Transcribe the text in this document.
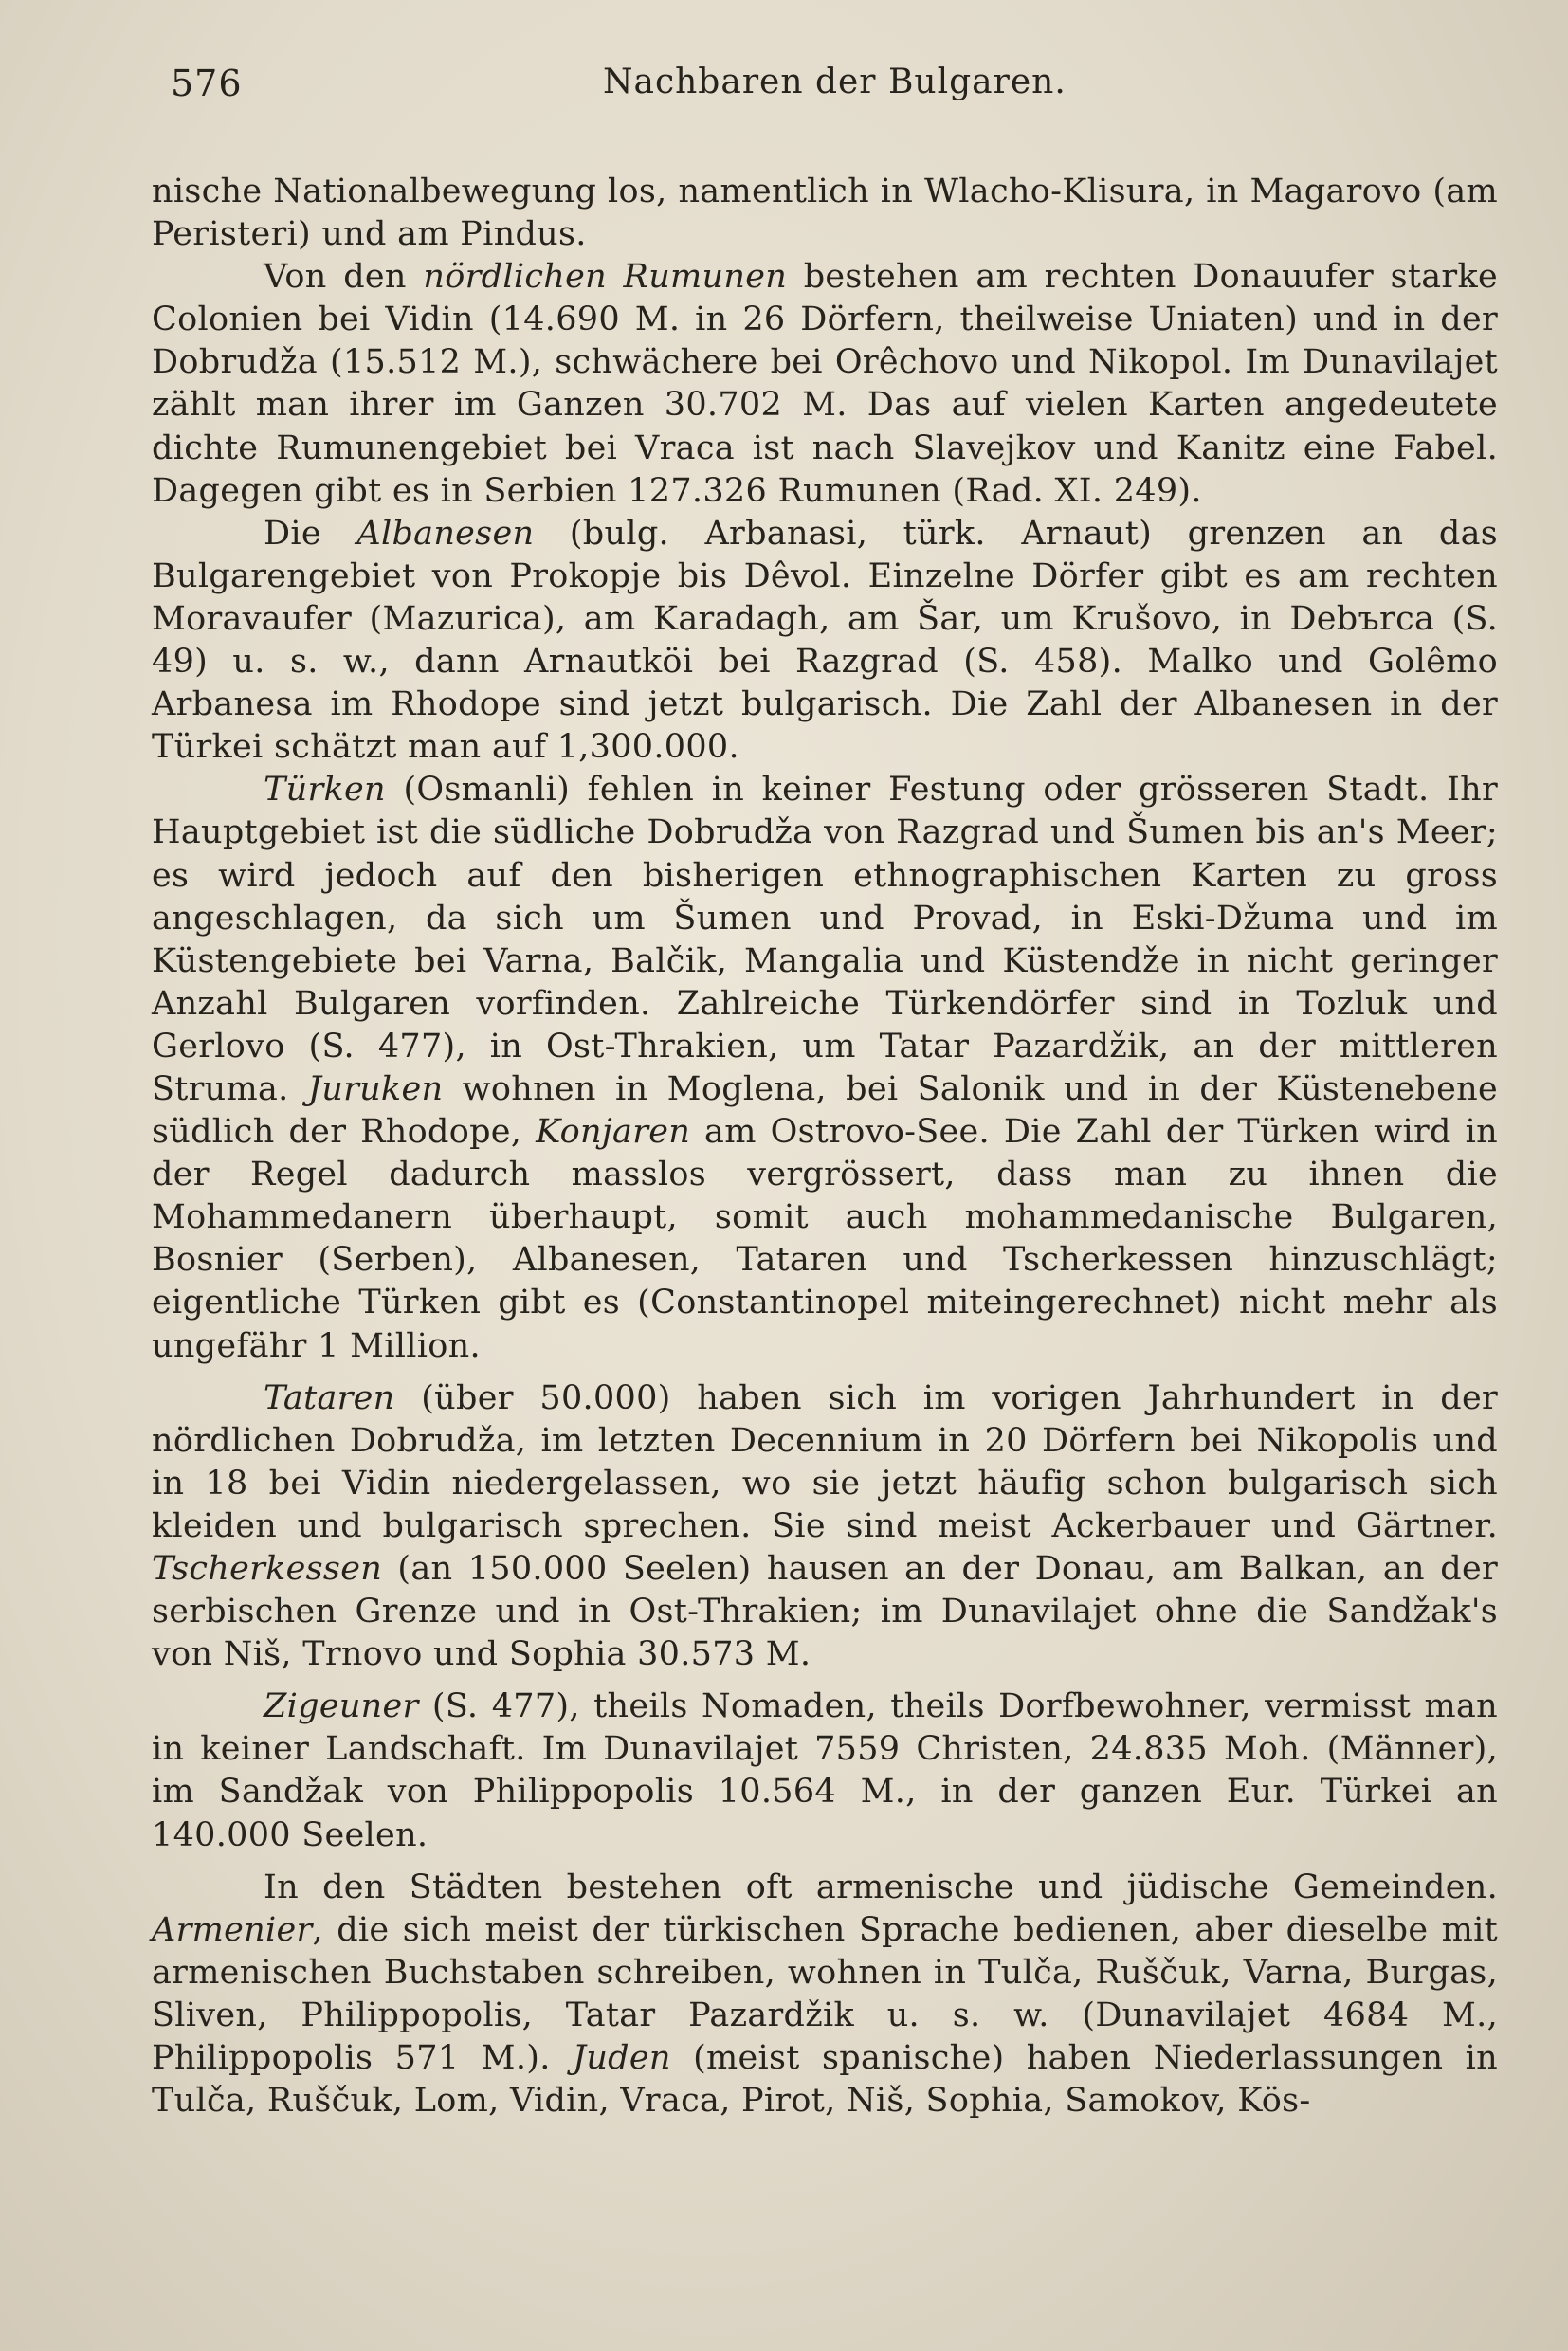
576	Nachbaren der Bulgaren.

nische Nationalbewegung los, namentlich in Wlacho-Klisura, in Magarovo (am Peristeri) und am Pindus.

Von den nördlichen Rumunen bestehen am rechten Donauufer starke Colonien bei Vidin (14.690 M. in 26 Dörfern, theilweise Uniaten) und in der Dobrudža (15.512 M.), schwächere bei Orêchovo und Nikopol. Im Dunavilajet zählt man ihrer im Ganzen 30.702 M. Das auf vielen Karten angedeutete dichte Rumunengebiet bei Vraca ist nach Slavejkov und Kanitz eine Fabel. Dagegen gibt es in Serbien 127.326 Rumunen (Rad. XI. 249).

Die Albanesen (bulg. Arbanasi, türk. Arnaut) grenzen an das Bulgarengebiet von Prokopje bis Dêvol. Einzelne Dörfer gibt es am rechten Moravaufer (Mazurica), am Karadagh, am Šar, um Krušovo, in Debъrca (S. 49) u. s. w., dann Arnautköi bei Razgrad (S. 458). Malko und Golêmo Arbanesa im Rhodope sind jetzt bulgarisch. Die Zahl der Albanesen in der Türkei schätzt man auf 1,300.000.

Türken (Osmanli) fehlen in keiner Festung oder grösseren Stadt. Ihr Hauptgebiet ist die südliche Dobrudža von Razgrad und Šumen bis an's Meer; es wird jedoch auf den bisherigen ethnographischen Karten zu gross angeschlagen, da sich um Šumen und Provad, in Eski-Džuma und im Küstengebiete bei Varna, Balčik, Mangalia und Küstendže in nicht geringer Anzahl Bulgaren vorfinden. Zahlreiche Türkendörfer sind in Tozluk und Gerlovo (S. 477), in Ost-Thrakien, um Tatar Pazardžik, an der mittleren Struma. Juruken wohnen in Moglena, bei Salonik und in der Küstenebene südlich der Rhodope, Konjaren am Ostrovo-See. Die Zahl der Türken wird in der Regel dadurch masslos vergrössert, dass man zu ihnen die Mohammedanern überhaupt, somit auch mohammedanische Bulgaren, Bosnier (Serben), Albanesen, Tataren und Tscherkessen hinzuschlägt; eigentliche Türken gibt es (Constantinopel miteingerechnet) nicht mehr als ungefähr 1 Million.

Tataren (über 50.000) haben sich im vorigen Jahrhundert in der nördlichen Dobrudža, im letzten Decennium in 20 Dörfern bei Nikopolis und in 18 bei Vidin niedergelassen, wo sie jetzt häufig schon bulgarisch sich kleiden und bulgarisch sprechen. Sie sind meist Ackerbauer und Gärtner. Tscherkessen (an 150.000 Seelen) hausen an der Donau, am Balkan, an der serbischen Grenze und in Ost-Thrakien; im Dunavilajet ohne die Sandžak's von Niš, Trnovo und Sophia 30.573 M.

Zigeuner (S. 477), theils Nomaden, theils Dorfbewohner, vermisst man in keiner Landschaft. Im Dunavilajet 7559 Christen, 24.835 Moh. (Männer), im Sandžak von Philippopolis 10.564 M., in der ganzen Eur. Türkei an 140.000 Seelen.

In den Städten bestehen oft armenische und jüdische Gemeinden. Armenier, die sich meist der türkischen Sprache bedienen, aber dieselbe mit armenischen Buchstaben schreiben, wohnen in Tulča, Ruščuk, Varna, Burgas, Sliven, Philippopolis, Tatar Pazardžik u. s. w. (Dunavilajet 4684 M., Philippopolis 571 M.). Juden (meist spanische) haben Niederlassungen in Tulča, Ruščuk, Lom, Vidin, Vraca, Pirot, Niš, Sophia, Samokov, Kös-
